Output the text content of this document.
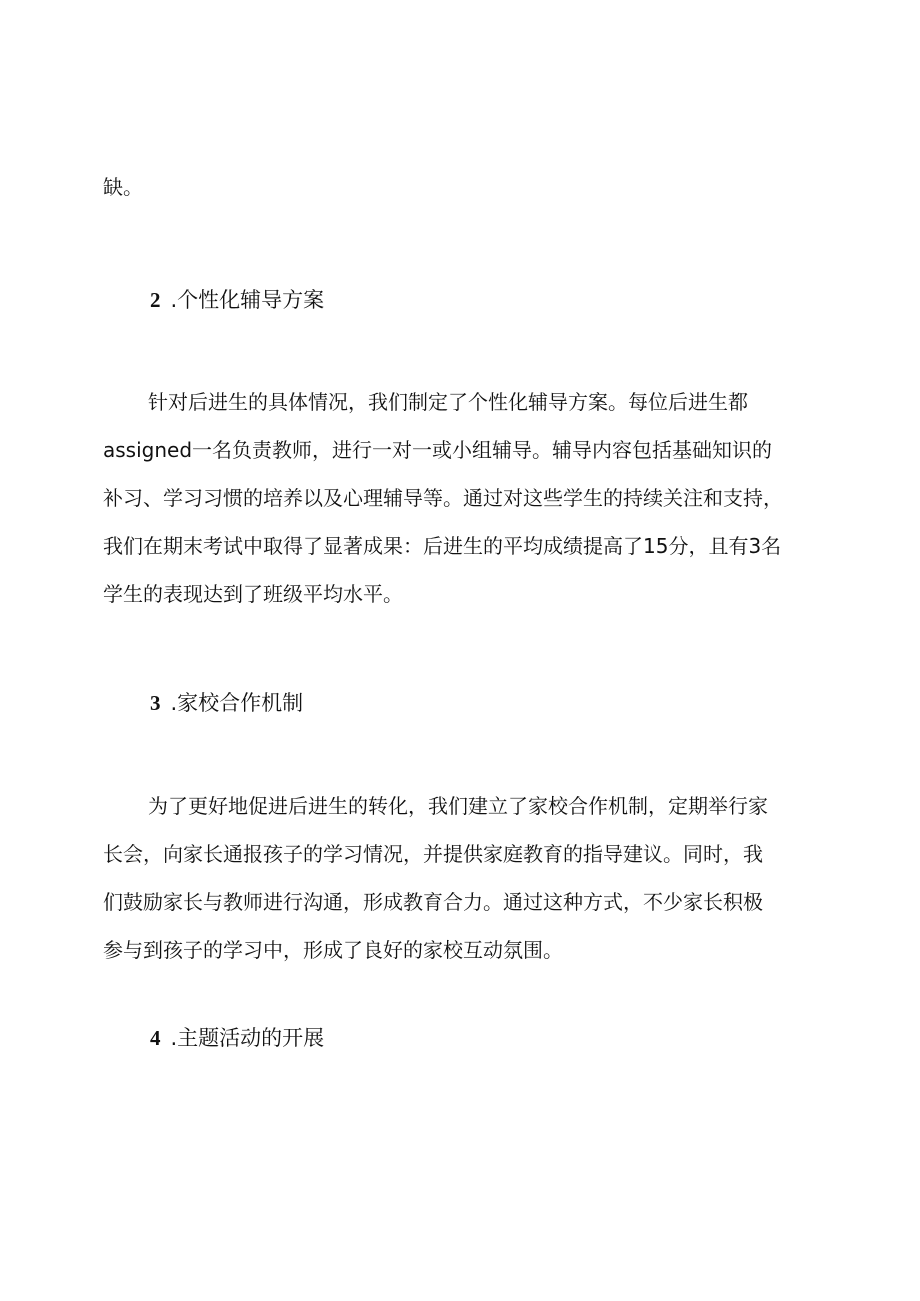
缺。
2 .个性化辅导方案
针对后进生的具体情况，我们制定了个性化辅导方案。每位后进生都
assigned一名负责教师，进行一对一或小组辅导。辅导内容包括基础知识的
补习、学习习惯的培养以及心理辅导等。通过对这些学生的持续关注和支持，
我们在期末考试中取得了显著成果：后进生的平均成绩提高了15分，且有3名
学生的表现达到了班级平均水平。
3 .家校合作机制
为了更好地促进后进生的转化，我们建立了家校合作机制，定期举行家
长会，向家长通报孩子的学习情况，并提供家庭教育的指导建议。同时，我
们鼓励家长与教师进行沟通，形成教育合力。通过这种方式，不少家长积极
参与到孩子的学习中，形成了良好的家校互动氛围。
4 .主题活动的开展
